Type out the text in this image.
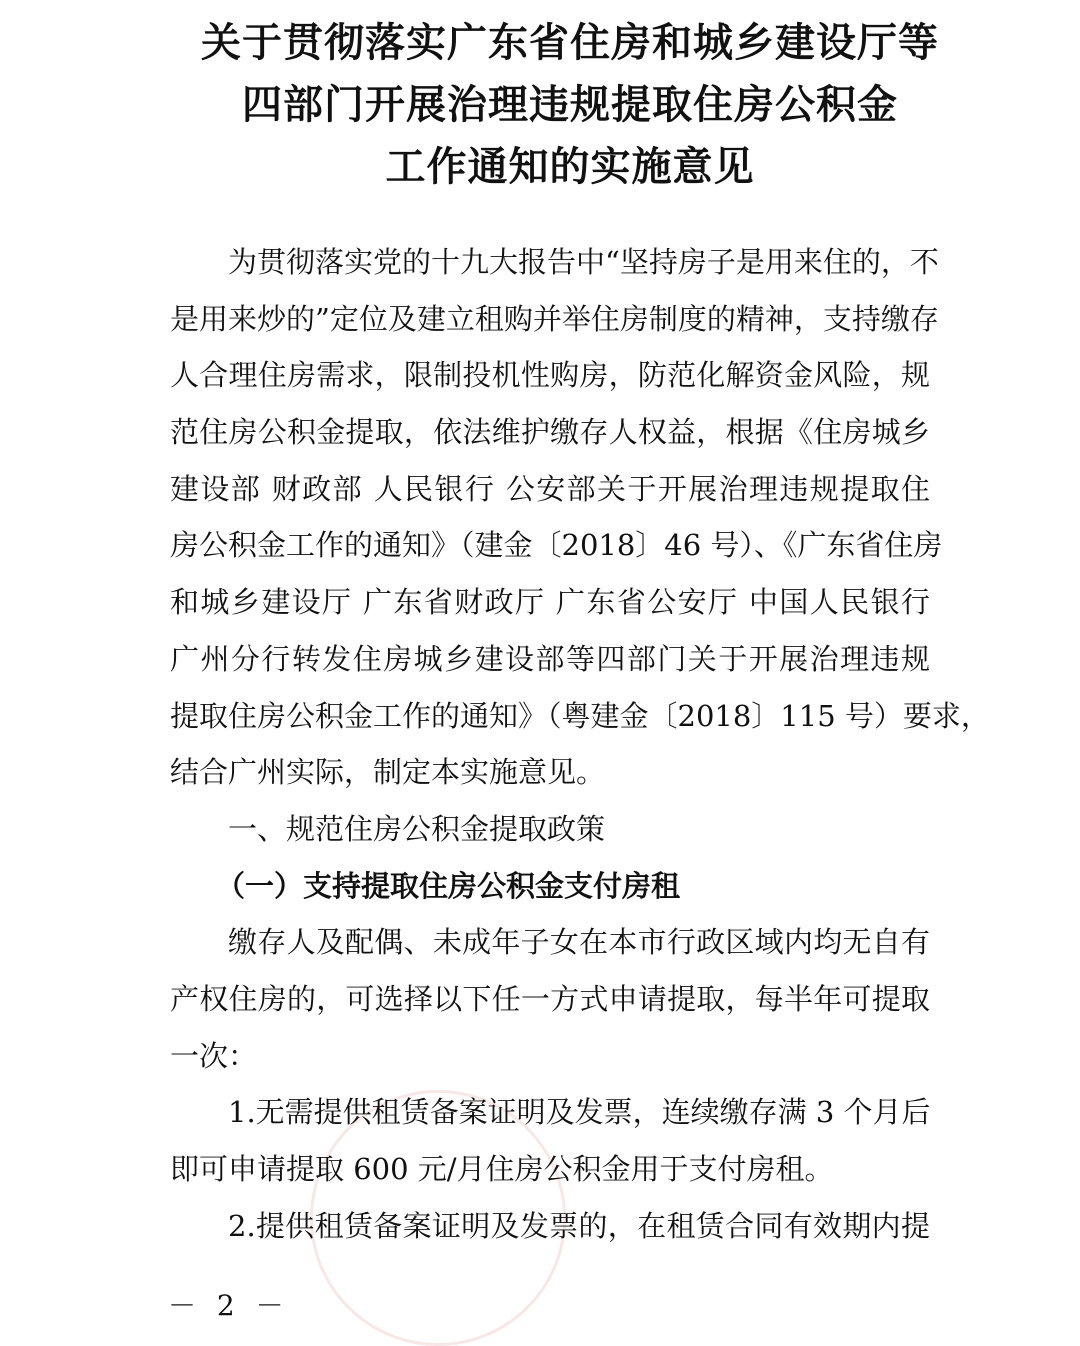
关于贯彻落实广东省住房和城乡建设厅等
四部门开展治理违规提取住房公积金
工作通知的实施意见
为贯彻落实党的十九大报告中“坚持房子是用来住的，不
是用来炒的”定位及建立租购并举住房制度的精神，支持缴存
人合理住房需求，限制投机性购房，防范化解资金风险，规
范住房公积金提取，依法维护缴存人权益，根据《住房城乡
建设部 财政部 人民银行 公安部关于开展治理违规提取住
房公积金工作的通知》（建金〔2018〕46 号）、《广东省住房
和城乡建设厅 广东省财政厅 广东省公安厅 中国人民银行
广州分行转发住房城乡建设部等四部门关于开展治理违规
提取住房公积金工作的通知》（粤建金〔2018〕115 号）要求，
结合广州实际，制定本实施意见。
一、规范住房公积金提取政策
（一）支持提取住房公积金支付房租
缴存人及配偶、未成年子女在本市行政区域内均无自有
产权住房的，可选择以下任一方式申请提取，每半年可提取
一次：
1.无需提供租赁备案证明及发票，连续缴存满 3 个月后
即可申请提取 600 元/月住房公积金用于支付房租。
2.提供租赁备案证明及发票的，在租赁合同有效期内提
－ 2 －
